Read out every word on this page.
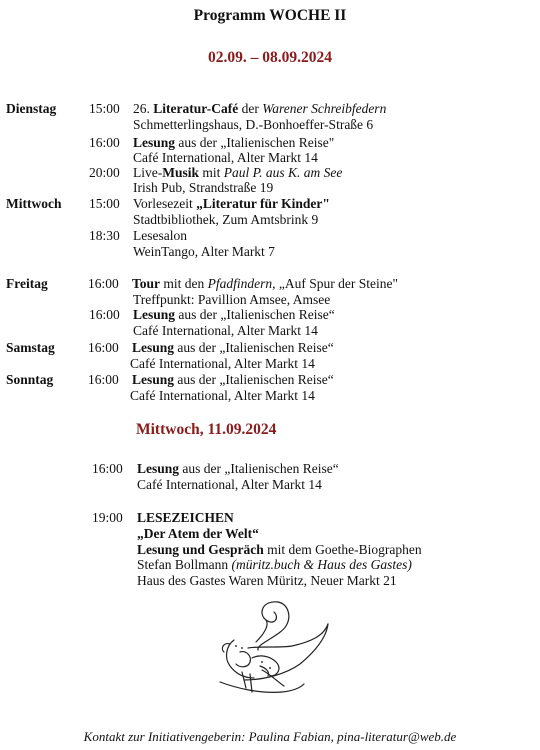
Programm WOCHE II
02.09. – 08.09.2024
Dienstag 15:00 26. Literatur-Café der Warener Schreibfedern
Schmetterlingshaus, D.-Bonhoeffer-Straße 6
16:00 Lesung aus der „Italienischen Reise"
Café International, Alter Markt 14
20:00 Live-Musik mit Paul P. aus K. am See
Irish Pub, Strandstraße 19
Mittwoch 15:00 Vorlesezeit „Literatur für Kinder"
Stadtbibliothek, Zum Amtsbrink 9
18:30 Lesesalon
WeinTango, Alter Markt 7
Freitag	16:00 Tour mit den Pfadfindern, „Auf Spur der Steine"
Treffpunkt: Pavillion Amsee, Amsee
16:00 Lesung aus der „Italienischen Reise“
Café International, Alter Markt 14
Samstag 16:00 Lesung aus der „Italienischen Reise“
Café International, Alter Markt 14
Sonntag	16:00 Lesung aus der „Italienischen Reise“
Café International, Alter Markt 14
Mittwoch, 11.09.2024
16:00 Lesung aus der „Italienischen Reise“
Café International, Alter Markt 14
19:00 LESEZEICHEN
„Der Atem der Welt“
Lesung und Gespräch mit dem Goethe-Biographen
Stefan Bollmann (müritz.buch & Haus des Gastes)
Haus des Gastes Waren Müritz, Neuer Markt 21
Kontakt zur Initiativengeberin: Paulina Fabian, pina-literatur@web.de
